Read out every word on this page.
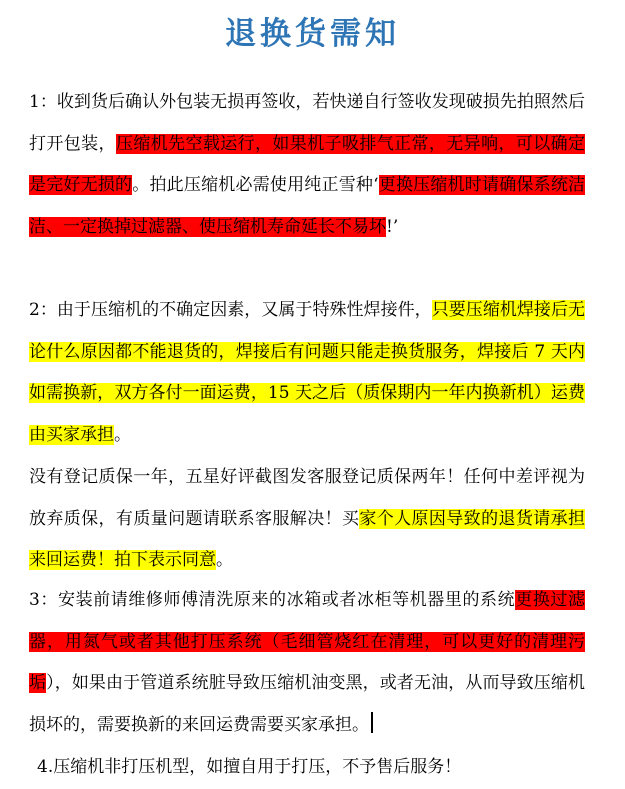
退换货需知
1：收到货后确认外包装无损再签收，若快递自行签收发现破损先拍照然后打开包装，压缩机先空载运行，如果机子吸排气正常，无异响，可以确定是完好无损的。拍此压缩机必需使用纯正雪种‘更换压缩机时请确保系统洁洁、一定换掉过滤器、使压缩机寿命延长不易坏!’
2：由于压缩机的不确定因素，又属于特殊性焊接件，只要压缩机焊接后无论什么原因都不能退货的，焊接后有问题只能走换货服务，焊接后 7 天内如需换新，双方各付一面运费，15 天之后（质保期内一年内换新机）运费由买家承担。
没有登记质保一年，五星好评截图发客服登记质保两年！任何中差评视为放弃质保，有质量问题请联系客服解决！买家个人原因导致的退货请承担来回运费！拍下表示同意。
3：安装前请维修师傅清洗原来的冰箱或者冰柜等机器里的系统更换过滤器，用氮气或者其他打压系统（毛细管烧红在清理，可以更好的清理污垢），如果由于管道系统脏导致压缩机油变黑，或者无油，从而导致压缩机损坏的，需要换新的来回运费需要买家承担。
4.压缩机非打压机型，如擅自用于打压，不予售后服务！
